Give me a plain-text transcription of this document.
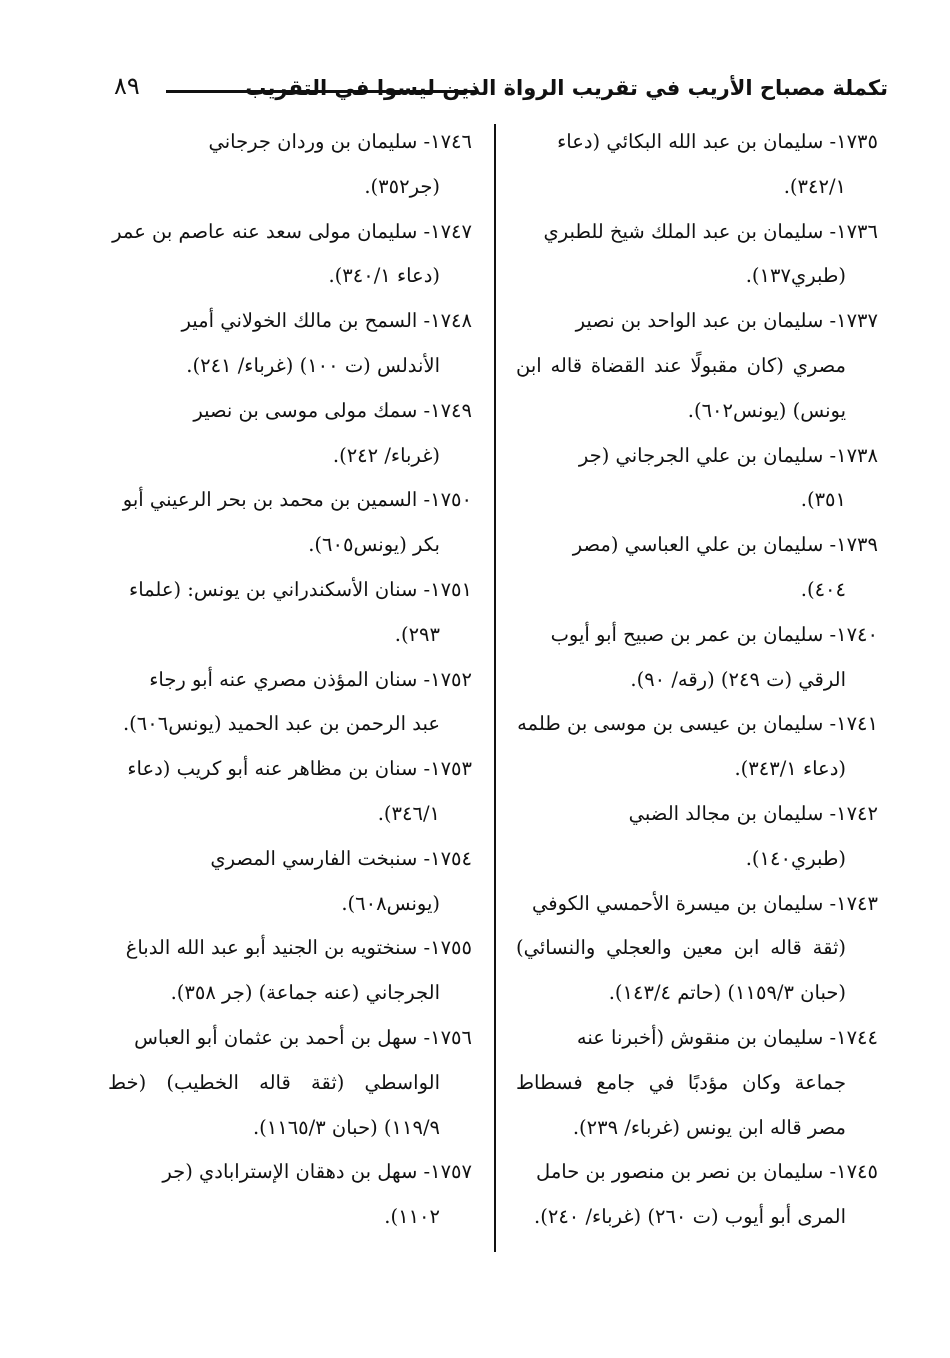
٨٩	تكملة مصباح الأريب في تقريب الرواة الذين ليسوا في التقريب

١٧٣٥- سليمان بن عبد الله البكائي (دعاء
٣٤٢/١).

١٧٣٦- سليمان بن عبد الملك شيخ للطبري
(طبري١٣٧).

١٧٣٧- سليمان بن عبد الواحد بن نصير
مصري (كان مقبولًا عند القضاة قاله ابن يونس) (يونس٦٠٢).

١٧٣٨- سليمان بن علي الجرجاني (جر
٣٥١).

١٧٣٩- سليمان بن علي العباسي (مصر
٤٠٤).

١٧٤٠- سليمان بن عمر بن صبيح أبو أيوب
الرقي (ت ٢٤٩) (رقه/ ٩٠).

١٧٤١- سليمان بن عيسى بن موسى بن طلمه
(دعاء ٣٤٣/١).

١٧٤٢- سليمان بن مجالد الضبي
(طبري١٤٠).

١٧٤٣- سليمان بن ميسرة الأحمسي الكوفي
(ثقة قاله ابن معين والعجلي والنسائي) (حبان ١١٥٩/٣) (حاتم ١٤٣/٤).

١٧٤٤- سليمان بن منقوش (أخبرنا عنه
جماعة وكان مؤدبًا في جامع فسطاط مصر قاله ابن يونس (غرباء/ ٢٣٩).

١٧٤٥- سليمان بن نصر بن منصور بن حامل
المرى أبو أيوب (ت ٢٦٠) (غرباء/ ٢٤٠).

١٧٤٦- سليمان بن وردان جرجاني
(جر٣٥٢).

١٧٤٧- سليمان مولى سعد عنه عاصم بن عمر
(دعاء ٣٤٠/١).

١٧٤٨- السمح بن مالك الخولاني أمير
الأندلس (ت ١٠٠) (غرباء/ ٢٤١).

١٧٤٩- سمك مولى موسى بن نصير
(غرباء/ ٢٤٢).

١٧٥٠- السمين بن محمد بن بحر الرعيني أبو
بكر (يونس٦٠٥).

١٧٥١- سنان الأسكندراني بن يونس: (علماء
٢٩٣).

١٧٥٢- سنان المؤذن مصري عنه أبو رجاء
عبد الرحمن بن عبد الحميد (يونس٦٠٦).

١٧٥٣- سنان بن مظاهر عنه أبو كريب (دعاء
٣٤٦/١).

١٧٥٤- سنبخت الفارسي المصري
(يونس٦٠٨).

١٧٥٥- سنختويه بن الجنيد أبو عبد الله الدباغ
الجرجاني (عنه جماعة) (جر ٣٥٨).

١٧٥٦- سهل بن أحمد بن عثمان أبو العباس
الواسطي (ثقة قاله الخطيب) (خط ١١٩/٩) (حبان ١١٦٥/٣).

١٧٥٧- سهل بن دهقان الإسترابادي (جر
١١٠٢).
